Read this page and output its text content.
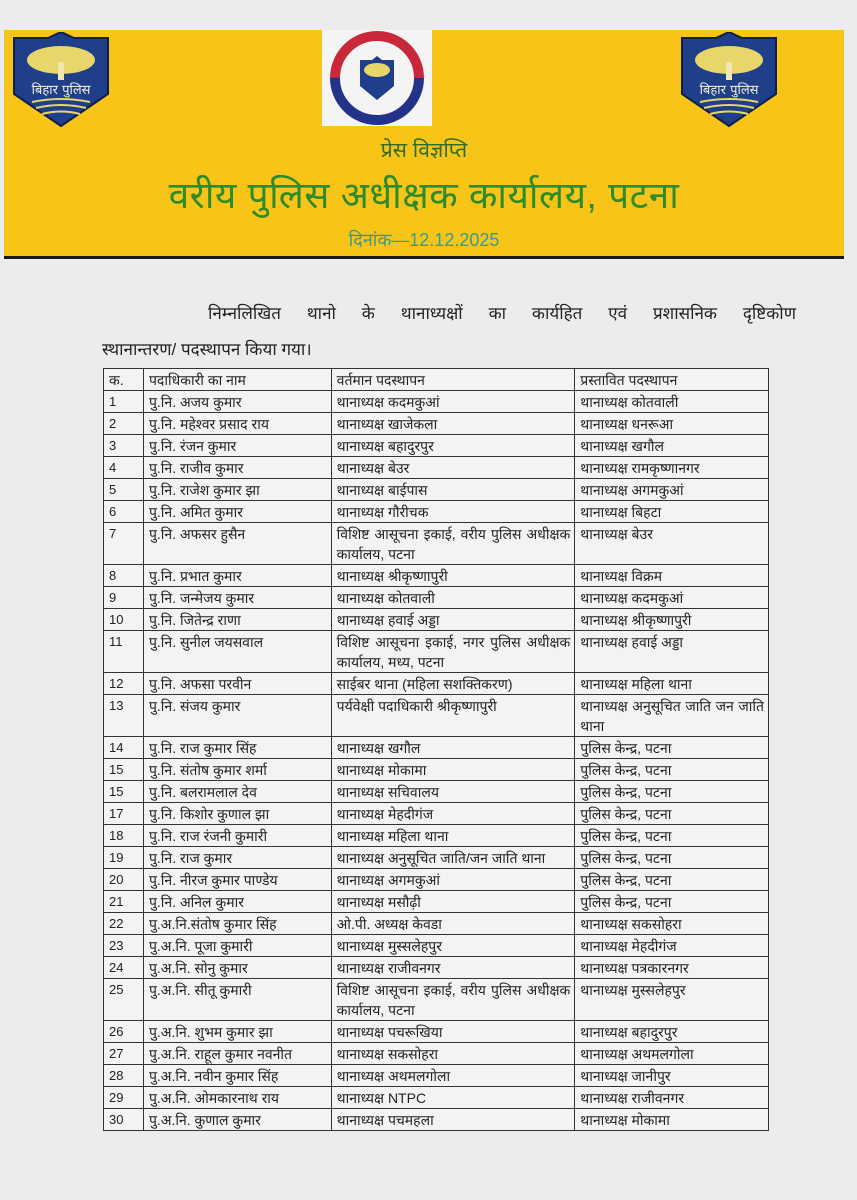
बिहार पुलिस	बिहार पुलिस
प्रेस विज्ञप्ति
वरीय पुलिस अधीक्षक कार्यालय, पटना
दिनांक—12.12.2025
निम्नलिखित थानो के थानाध्यक्षों का कार्यहित एवं प्रशासनिक दृष्टिकोण
स्थानान्तरण/ पदस्थापन किया गया।
क.	पदाधिकारी का नाम	वर्तमान पदस्थापन	प्रस्तावित पदस्थापन
1	पु.नि. अजय कुमार	थानाध्यक्ष कदमकुआं	थानाध्यक्ष कोतवाली
2	पु.नि. महेश्वर प्रसाद राय	थानाध्यक्ष खाजेकला	थानाध्यक्ष धनरूआ
3	पु.नि. रंजन कुमार	थानाध्यक्ष बहादुरपुर	थानाध्यक्ष खगौल
4	पु.नि. राजीव कुमार	थानाध्यक्ष बेउर	थानाध्यक्ष रामकृष्णानगर
5	पु.नि. राजेश कुमार झा	थानाध्यक्ष बाईपास	थानाध्यक्ष अगमकुआं
6	पु.नि. अमित कुमार	थानाध्यक्ष गौरीचक	थानाध्यक्ष बिहटा
7	पु.नि. अफसर हुसैन	विशिष्ट आसूचना इकाई, वरीय पुलिस अधीक्षक कार्यालय, पटना	थानाध्यक्ष बेउर
8	पु.नि. प्रभात कुमार	थानाध्यक्ष श्रीकृष्णापुरी	थानाध्यक्ष विक्रम
9	पु.नि. जन्मेजय कुमार	थानाध्यक्ष कोतवाली	थानाध्यक्ष कदमकुआं
10	पु.नि. जितेन्द्र राणा	थानाध्यक्ष हवाई अड्डा	थानाध्यक्ष श्रीकृष्णापुरी
11	पु.नि. सुनील जयसवाल	विशिष्ट आसूचना इकाई, नगर पुलिस अधीक्षक कार्यालय, मध्य, पटना	थानाध्यक्ष हवाई अड्डा
12	पु.नि. अफसा परवीन	साईबर थाना (महिला सशक्तिकरण)	थानाध्यक्ष महिला थाना
13	पु.नि. संजय कुमार	पर्यवेक्षी पदाधिकारी श्रीकृष्णापुरी	थानाध्यक्ष अनुसूचित जाति जन जाति थाना
14	पु.नि. राज कुमार सिंह	थानाध्यक्ष खगौल	पुलिस केन्द्र, पटना
15	पु.नि. संतोष कुमार शर्मा	थानाध्यक्ष मोकामा	पुलिस केन्द्र, पटना
15	पु.नि. बलरामलाल देव	थानाध्यक्ष सचिवालय	पुलिस केन्द्र, पटना
17	पु.नि. किशोर कुणाल झा	थानाध्यक्ष मेहदीगंज	पुलिस केन्द्र, पटना
18	पु.नि. राज रंजनी कुमारी	थानाध्यक्ष महिला थाना	पुलिस केन्द्र, पटना
19	पु.नि. राज कुमार	थानाध्यक्ष अनुसूचित जाति/जन जाति थाना	पुलिस केन्द्र, पटना
20	पु.नि. नीरज कुमार पाण्डेय	थानाध्यक्ष अगमकुआं	पुलिस केन्द्र, पटना
21	पु.नि. अनिल कुमार	थानाध्यक्ष मसौढ़ी	पुलिस केन्द्र, पटना
22	पु.अ.नि.संतोष कुमार सिंह	ओ.पी. अध्यक्ष केवडा	थानाध्यक्ष सकसोहरा
23	पु.अ.नि. पूजा कुमारी	थानाध्यक्ष मुस्सलेहपुर	थानाध्यक्ष मेहदीगंज
24	पु.अ.नि. सोनु कुमार	थानाध्यक्ष राजीवनगर	थानाध्यक्ष पत्रकारनगर
25	पु.अ.नि. सीतू कुमारी	विशिष्ट आसूचना इकाई, वरीय पुलिस अधीक्षक कार्यालय, पटना	थानाध्यक्ष मुस्सलेहपुर
26	पु.अ.नि. शुभम कुमार झा	थानाध्यक्ष पचरूखिया	थानाध्यक्ष बहादुरपुर
27	पु.अ.नि. राहूल कुमार नवनीत	थानाध्यक्ष सकसोहरा	थानाध्यक्ष अथमलगोला
28	पु.अ.नि. नवीन कुमार सिंह	थानाध्यक्ष अथमलगोला	थानाध्यक्ष जानीपुर
29	पु.अ.नि. ओमकारनाथ राय	थानाध्यक्ष NTPC	थानाध्यक्ष राजीवनगर
30	पु.अ.नि. कुणाल कुमार	थानाध्यक्ष पचमहला	थानाध्यक्ष मोकामा
